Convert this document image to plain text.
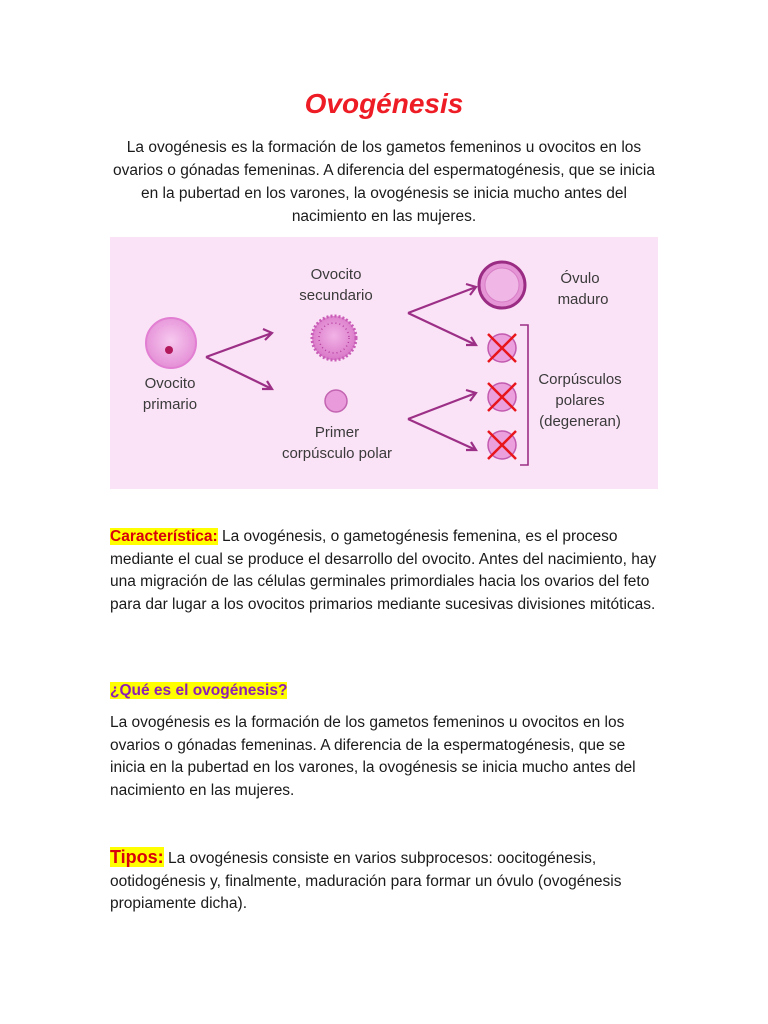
Ovogénesis

La ovogénesis es la formación de los gametos femeninos u ovocitos en los ovarios o gónadas femeninas. A diferencia del espermatogénesis, que se inicia en la pubertad en los varones, la ovogénesis se inicia mucho antes del nacimiento en las mujeres.

Ovocito
primario
Ovocito
secundario
Primer
corpúsculo polar
Óvulo
maduro
Corpúsculos
polares
(degeneran)

Característica: La ovogénesis, o gametogénesis femenina, es el proceso mediante el cual se produce el desarrollo del ovocito. Antes del nacimiento, hay una migración de las células germinales primordiales hacia los ovarios del feto para dar lugar a los ovocitos primarios mediante sucesivas divisiones mitóticas.

¿Qué es el ovogénesis?

La ovogénesis es la formación de los gametos femeninos u ovocitos en los ovarios o gónadas femeninas. A diferencia de la espermatogénesis, que se inicia en la pubertad en los varones, la ovogénesis se inicia mucho antes del nacimiento en las mujeres.

Tipos: La ovogénesis consiste en varios subprocesos: oocitogénesis, ootidogénesis y, finalmente, maduración para formar un óvulo (ovogénesis propiamente dicha).
